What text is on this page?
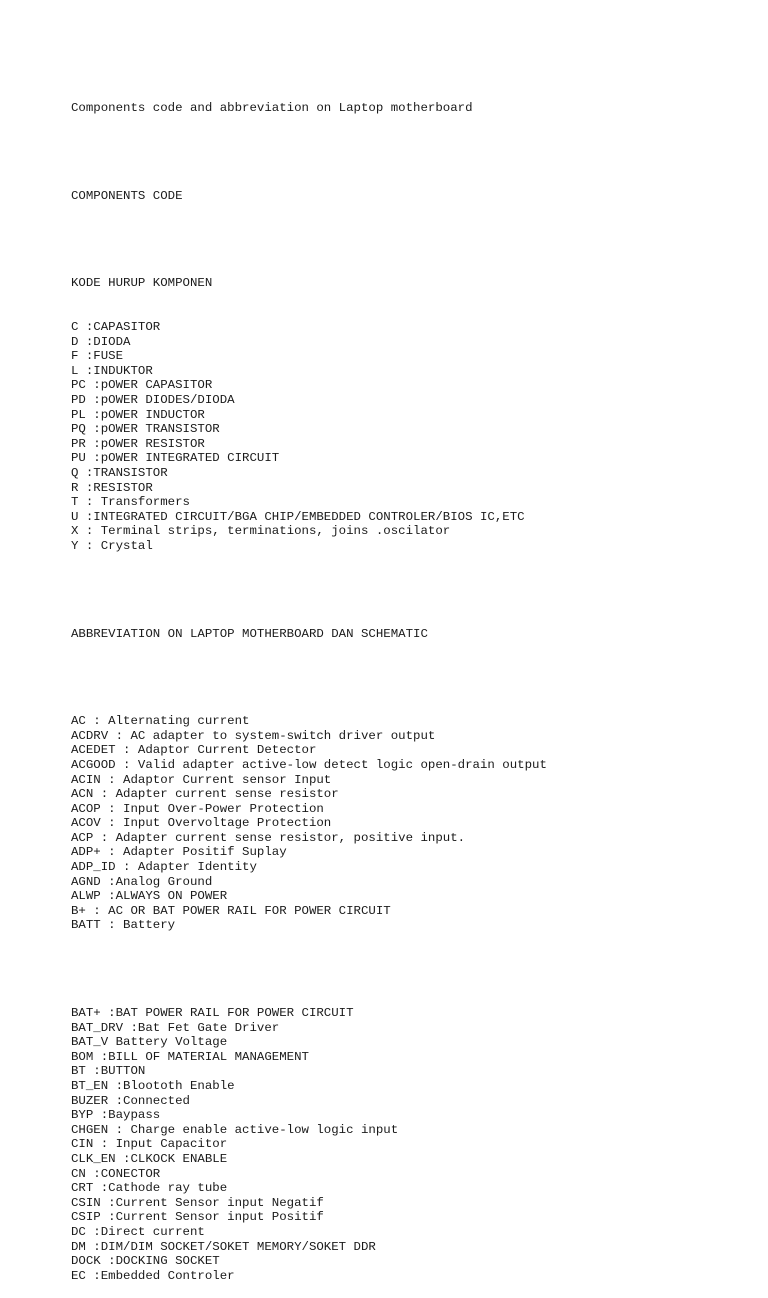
Components code and abbreviation on Laptop motherboard

COMPONENTS CODE

KODE HURUP KOMPONEN

C :CAPASITOR
D :DIODA
F :FUSE
L :INDUKTOR
PC :pOWER CAPASITOR
PD :pOWER DIODES/DIODA
PL :pOWER INDUCTOR
PQ :pOWER TRANSISTOR
PR :pOWER RESISTOR
PU :pOWER INTEGRATED CIRCUIT
Q :TRANSISTOR
R :RESISTOR
T : Transformers
U :INTEGRATED CIRCUIT/BGA CHIP/EMBEDDED CONTROLER/BIOS IC,ETC
X : Terminal strips, terminations, joins .oscilator
Y : Crystal

ABBREVIATION ON LAPTOP MOTHERBOARD DAN SCHEMATIC

AC : Alternating current
ACDRV : AC adapter to system-switch driver output
ACEDET : Adaptor Current Detector
ACGOOD : Valid adapter active-low detect logic open-drain output
ACIN : Adaptor Current sensor Input
ACN : Adapter current sense resistor
ACOP : Input Over-Power Protection
ACOV : Input Overvoltage Protection
ACP : Adapter current sense resistor, positive input.
ADP+ : Adapter Positif Suplay
ADP_ID : Adapter Identity
AGND :Analog Ground
ALWP :ALWAYS ON POWER
B+ : AC OR BAT POWER RAIL FOR POWER CIRCUIT
BATT : Battery

BAT+ :BAT POWER RAIL FOR POWER CIRCUIT
BAT_DRV :Bat Fet Gate Driver
BAT_V Battery Voltage
BOM :BILL OF MATERIAL MANAGEMENT
BT :BUTTON
BT_EN :Bloototh Enable
BUZER :Connected
BYP :Baypass
CHGEN : Charge enable active-low logic input
CIN : Input Capacitor
CLK_EN :CLKOCK ENABLE
CN :CONECTOR
CRT :Cathode ray tube
CSIN :Current Sensor input Negatif
CSIP :Current Sensor input Positif
DC :Direct current
DM :DIM/DIM SOCKET/SOKET MEMORY/SOKET DDR
DOCK :DOCKING SOCKET
EC :Embedded Controler
